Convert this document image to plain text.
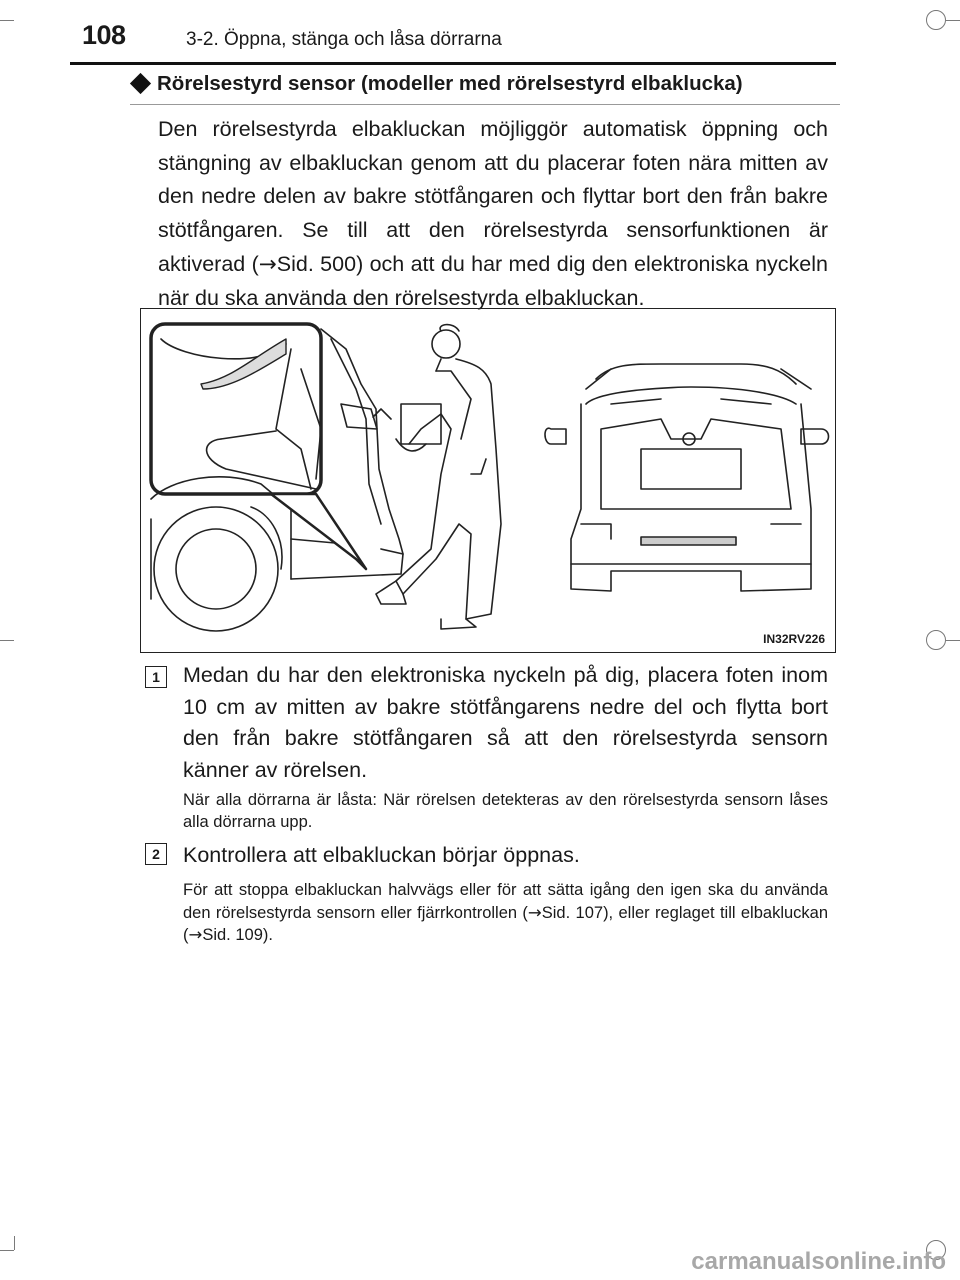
108	3-2. Öppna, stänga och låsa dörrarna
Rörelsestyrd sensor (modeller med rörelsestyrd elbaklucka)

Den rörelsestyrda elbakluckan möjliggör automatisk öppning och stängning av elbakluckan genom att du placerar foten nära mitten av den nedre delen av bakre stötfångaren och flyttar bort den från bakre stötfångaren. Se till att den rörelsestyrda sensorfunktionen är aktiverad (→Sid. 500) och att du har med dig den elektroniska nyckeln när du ska använda den rörelsestyrda elbakluckan.

IN32RV226
1	Medan du har den elektroniska nyckeln på dig, placera foten inom 10 cm av mitten av bakre stötfångarens nedre del och flytta bort den från bakre stötfångaren så att den rörelsestyrda sensorn känner av rörelsen.

När alla dörrarna är låsta: När rörelsen detekteras av den rörelsestyrda sensorn låses alla dörrarna upp.

2	Kontrollera att elbakluckan börjar öppnas.

För att stoppa elbakluckan halvvägs eller för att sätta igång den igen ska du använda den rörelsestyrda sensorn eller fjärrkontrollen (→Sid. 107), eller reglaget till elbakluckan (→Sid. 109).

carmanualsonline.info
